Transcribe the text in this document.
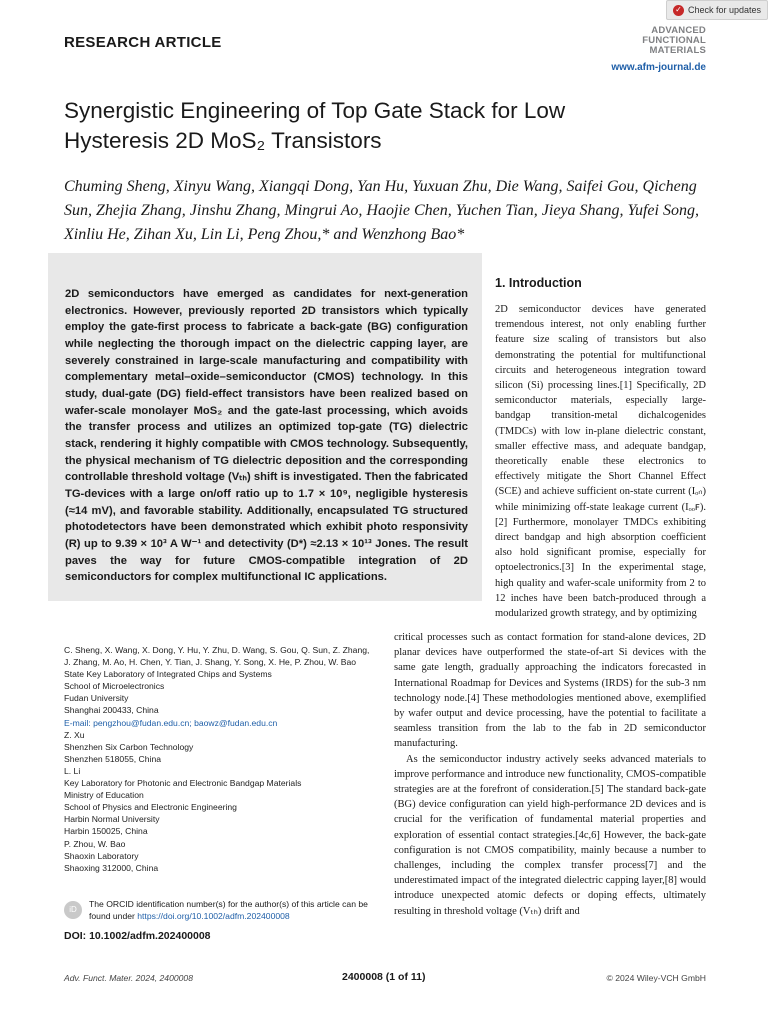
✓ Check for updates
RESEARCH ARTICLE
ADVANCED
FUNCTIONAL
MATERIALS
www.afm-journal.de
Synergistic Engineering of Top Gate Stack for Low Hysteresis 2D MoS₂ Transistors
Chuming Sheng, Xinyu Wang, Xiangqi Dong, Yan Hu, Yuxuan Zhu, Die Wang, Saifei Gou, Qicheng Sun, Zhejia Zhang, Jinshu Zhang, Mingrui Ao, Haojie Chen, Yuchen Tian, Jieya Shang, Yufei Song, Xinliu He, Zihan Xu, Lin Li, Peng Zhou,* and Wenzhong Bao*
2D semiconductors have emerged as candidates for next-generation electronics. However, previously reported 2D transistors which typically employ the gate-first process to fabricate a back-gate (BG) configuration while neglecting the thorough impact on the dielectric capping layer, are severely constrained in large-scale manufacturing and compatibility with complementary metal–oxide–semiconductor (CMOS) technology. In this study, dual-gate (DG) field-effect transistors have been realized based on wafer-scale monolayer MoS₂ and the gate-last processing, which avoids the transfer process and utilizes an optimized top-gate (TG) dielectric stack, rendering it highly compatible with CMOS technology. Subsequently, the physical mechanism of TG dielectric deposition and the corresponding controllable threshold voltage (Vₜₕ) shift is investigated. Then the fabricated TG-devices with a large on/off ratio up to 1.7 × 10⁹, negligible hysteresis (≈14 mV), and favorable stability. Additionally, encapsulated TG structured photodetectors have been demonstrated which exhibit photo responsivity (R) up to 9.39 × 10³ A W⁻¹ and detectivity (D*) ≈2.13 × 10¹³ Jones. The result paves the way for future CMOS-compatible integration of 2D semiconductors for complex multifunctional IC applications.
1. Introduction
2D semiconductor devices have generated tremendous interest, not only enabling further feature size scaling of transistors but also demonstrating the potential for multifunctional circuits and heterogeneous integration toward silicon (Si) processing lines.[1] Specifically, 2D semiconductor materials, especially large-bandgap transition-metal dichalcogenides (TMDCs) with low in-plane dielectric constant, smaller effective mass, and adequate bandgap, theoretically enable these electronics to effectively mitigate the Short Channel Effect (SCE) and achieve sufficient on-state current (Iₒₙ) while minimizing off-state leakage current (Iₒₒꜰ).[2] Furthermore, monolayer TMDCs exhibiting direct bandgap and high absorption coefficient also hold significant promise, especially for optoelectronics.[3] In the experimental stage, high quality and wafer-scale uniformity from 2 to 12 inches have been batch-produced through a modularized growth strategy, and by optimizing

critical processes such as contact formation for stand-alone devices, 2D planar devices have outperformed the state-of-art Si devices with the same gate length, gradually approaching the indicators forecasted in International Roadmap for Devices and Systems (IRDS) for the sub-3 nm technology node.[4] These methodologies mentioned above, exemplified by wafer output and device processing, have the potential to facilitate a seamless transition from the lab to the fab in 2D semiconductor manufacturing.

As the semiconductor industry actively seeks advanced materials to improve performance and introduce new functionality, CMOS-compatible strategies are at the forefront of consideration.[5] The standard back-gate (BG) device configuration can yield high-performance 2D devices and is crucial for the verification of fundamental material properties and exploration of essential contact strategies.[4c,6] However, the back-gate configuration is not CMOS compatibility, mainly because a number to challenges, including the complex transfer process[7] and the underestimated impact of the integrated dielectric capping layer,[8] would introduce unexpected atomic defects or doping effects, ultimately resulting in threshold voltage (Vₜₕ) drift and

C. Sheng, X. Wang, X. Dong, Y. Hu, Y. Zhu, D. Wang, S. Gou, Q. Sun, Z. Zhang, J. Zhang, M. Ao, H. Chen, Y. Tian, J. Shang, Y. Song, X. He, P. Zhou, W. Bao
State Key Laboratory of Integrated Chips and Systems
School of Microelectronics
Fudan University
Shanghai 200433, China
E-mail: pengzhou@fudan.edu.cn; baowz@fudan.edu.cn
Z. Xu
Shenzhen Six Carbon Technology
Shenzhen 518055, China
L. Li
Key Laboratory for Photonic and Electronic Bandgap Materials
Ministry of Education
School of Physics and Electronic Engineering
Harbin Normal University
Harbin 150025, China
P. Zhou, W. Bao
Shaoxin Laboratory
Shaoxing 312000, China
iD
The ORCID identification number(s) for the author(s) of this article can be found under https://doi.org/10.1002/adfm.202400008
DOI: 10.1002/adfm.202400008
Adv. Funct. Mater. 2024, 2400008	2400008 (1 of 11)	© 2024 Wiley-VCH GmbH
